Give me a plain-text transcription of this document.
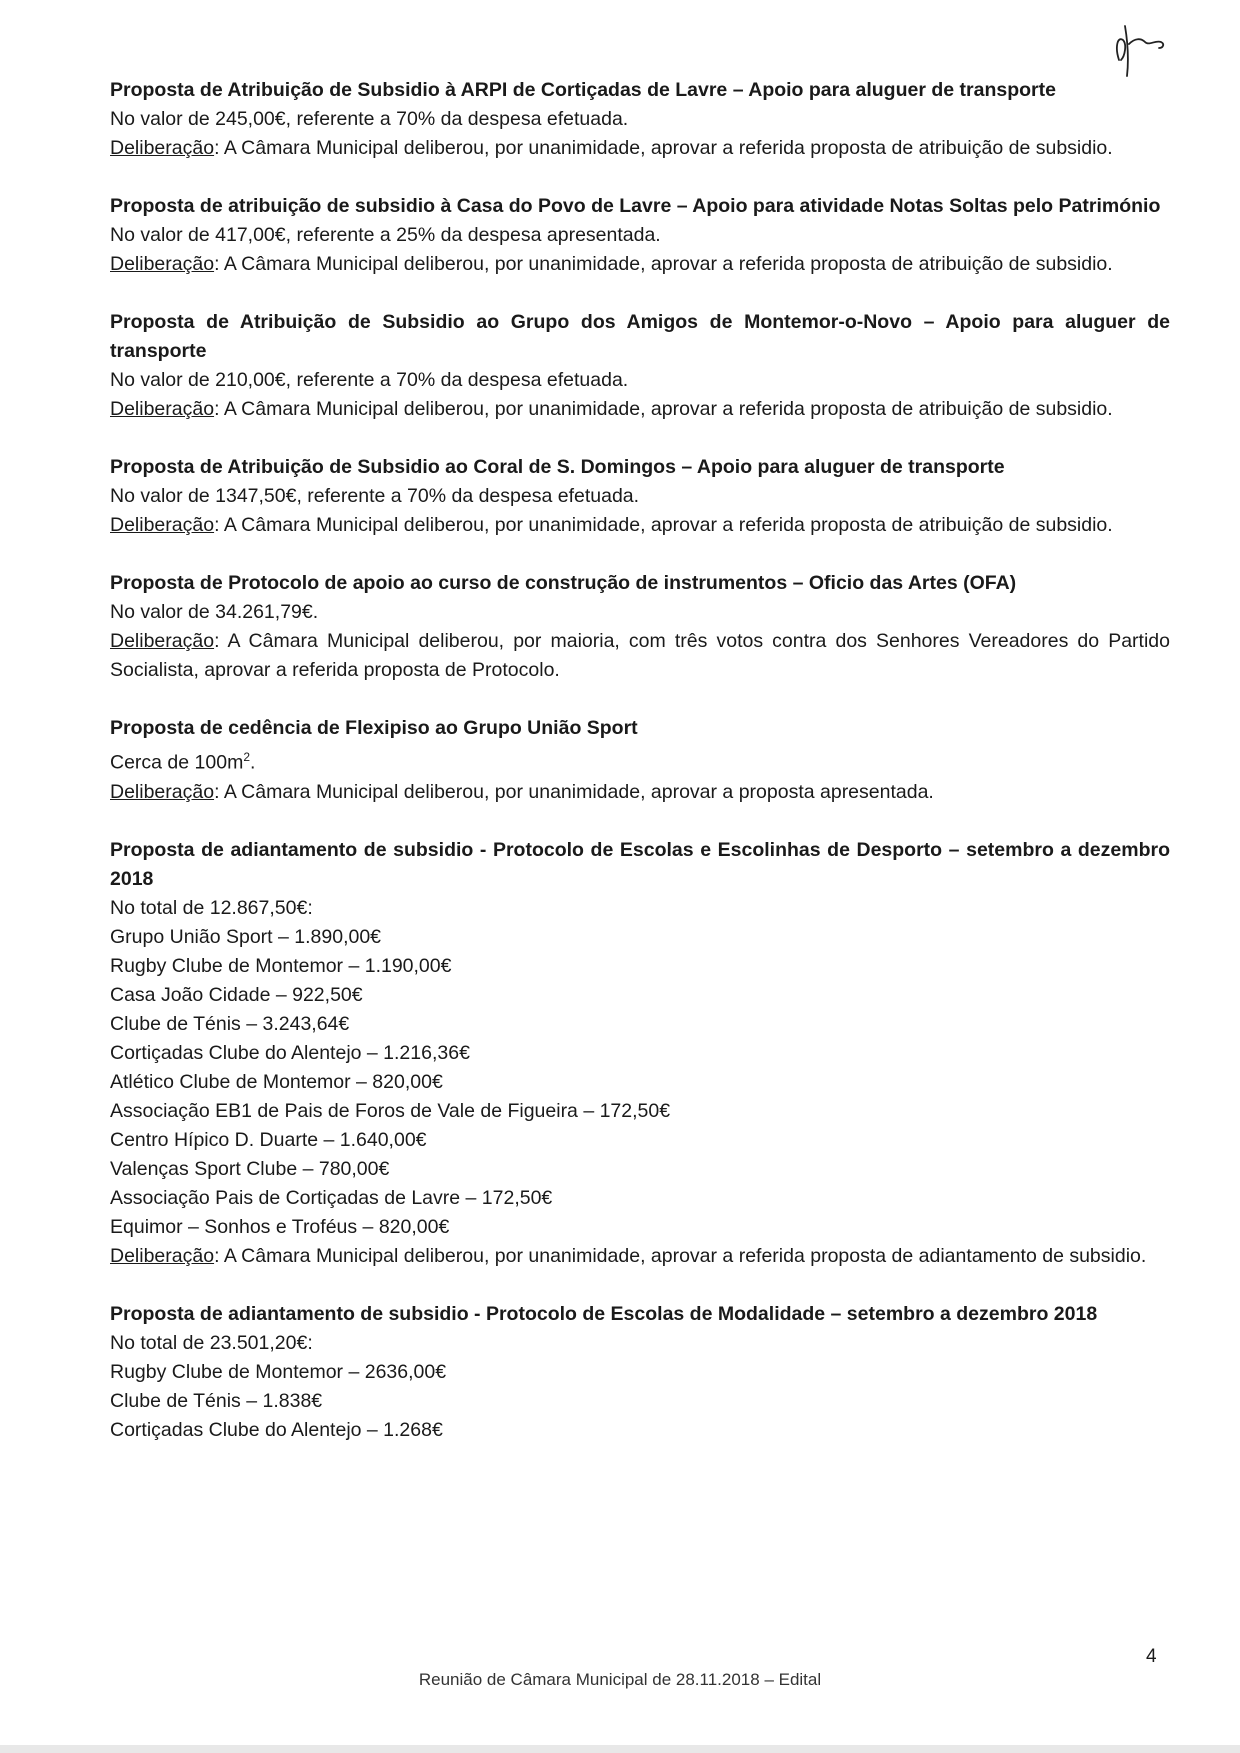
Proposta de Atribuição de Subsidio à ARPI de Cortiçadas de Lavre – Apoio para aluguer de transporte
No valor de 245,00€, referente a 70% da despesa efetuada.
Deliberação: A Câmara Municipal deliberou, por unanimidade, aprovar a referida proposta de atribuição de subsidio.
Proposta de atribuição de subsidio à Casa do Povo de Lavre – Apoio para atividade Notas Soltas pelo Património
No valor de 417,00€, referente a 25% da despesa apresentada.
Deliberação: A Câmara Municipal deliberou, por unanimidade, aprovar a referida proposta de atribuição de subsidio.
Proposta de Atribuição de Subsidio ao Grupo dos Amigos de Montemor-o-Novo – Apoio para aluguer de transporte
No valor de 210,00€, referente a 70% da despesa efetuada.
Deliberação: A Câmara Municipal deliberou, por unanimidade, aprovar a referida proposta de atribuição de subsidio.
Proposta de Atribuição de Subsidio ao Coral de S. Domingos – Apoio para aluguer de transporte
No valor de 1347,50€, referente a 70% da despesa efetuada.
Deliberação: A Câmara Municipal deliberou, por unanimidade, aprovar a referida proposta de atribuição de subsidio.
Proposta de Protocolo de apoio ao curso de construção de instrumentos – Oficio das Artes (OFA)
No valor de 34.261,79€.
Deliberação: A Câmara Municipal deliberou, por maioria, com três votos contra dos Senhores Vereadores do Partido Socialista, aprovar a referida proposta de Protocolo.
Proposta de cedência de Flexipiso ao Grupo União Sport
Cerca de $100m^2$.
Deliberação: A Câmara Municipal deliberou, por unanimidade, aprovar a proposta apresentada.
Proposta de adiantamento de subsidio - Protocolo de Escolas e Escolinhas de Desporto – setembro a dezembro 2018
No total de 12.867,50€:
Grupo União Sport – 1.890,00€
Rugby Clube de Montemor – 1.190,00€
Casa João Cidade – 922,50€
Clube de Ténis – 3.243,64€
Cortiçadas Clube do Alentejo – 1.216,36€
Atlético Clube de Montemor – 820,00€
Associação EB1 de Pais de Foros de Vale de Figueira – 172,50€
Centro Hípico D. Duarte – 1.640,00€
Valenças Sport Clube – 780,00€
Associação Pais de Cortiçadas de Lavre – 172,50€
Equimor – Sonhos e Troféus – 820,00€
Deliberação: A Câmara Municipal deliberou, por unanimidade, aprovar a referida proposta de adiantamento de subsidio.
Proposta de adiantamento de subsidio - Protocolo de Escolas de Modalidade – setembro a dezembro 2018
No total de 23.501,20€:
Rugby Clube de Montemor – 2636,00€
Clube de Ténis – 1.838€
Cortiçadas Clube do Alentejo – 1.268€
4
Reunião de Câmara Municipal de 28.11.2018 – Edital
